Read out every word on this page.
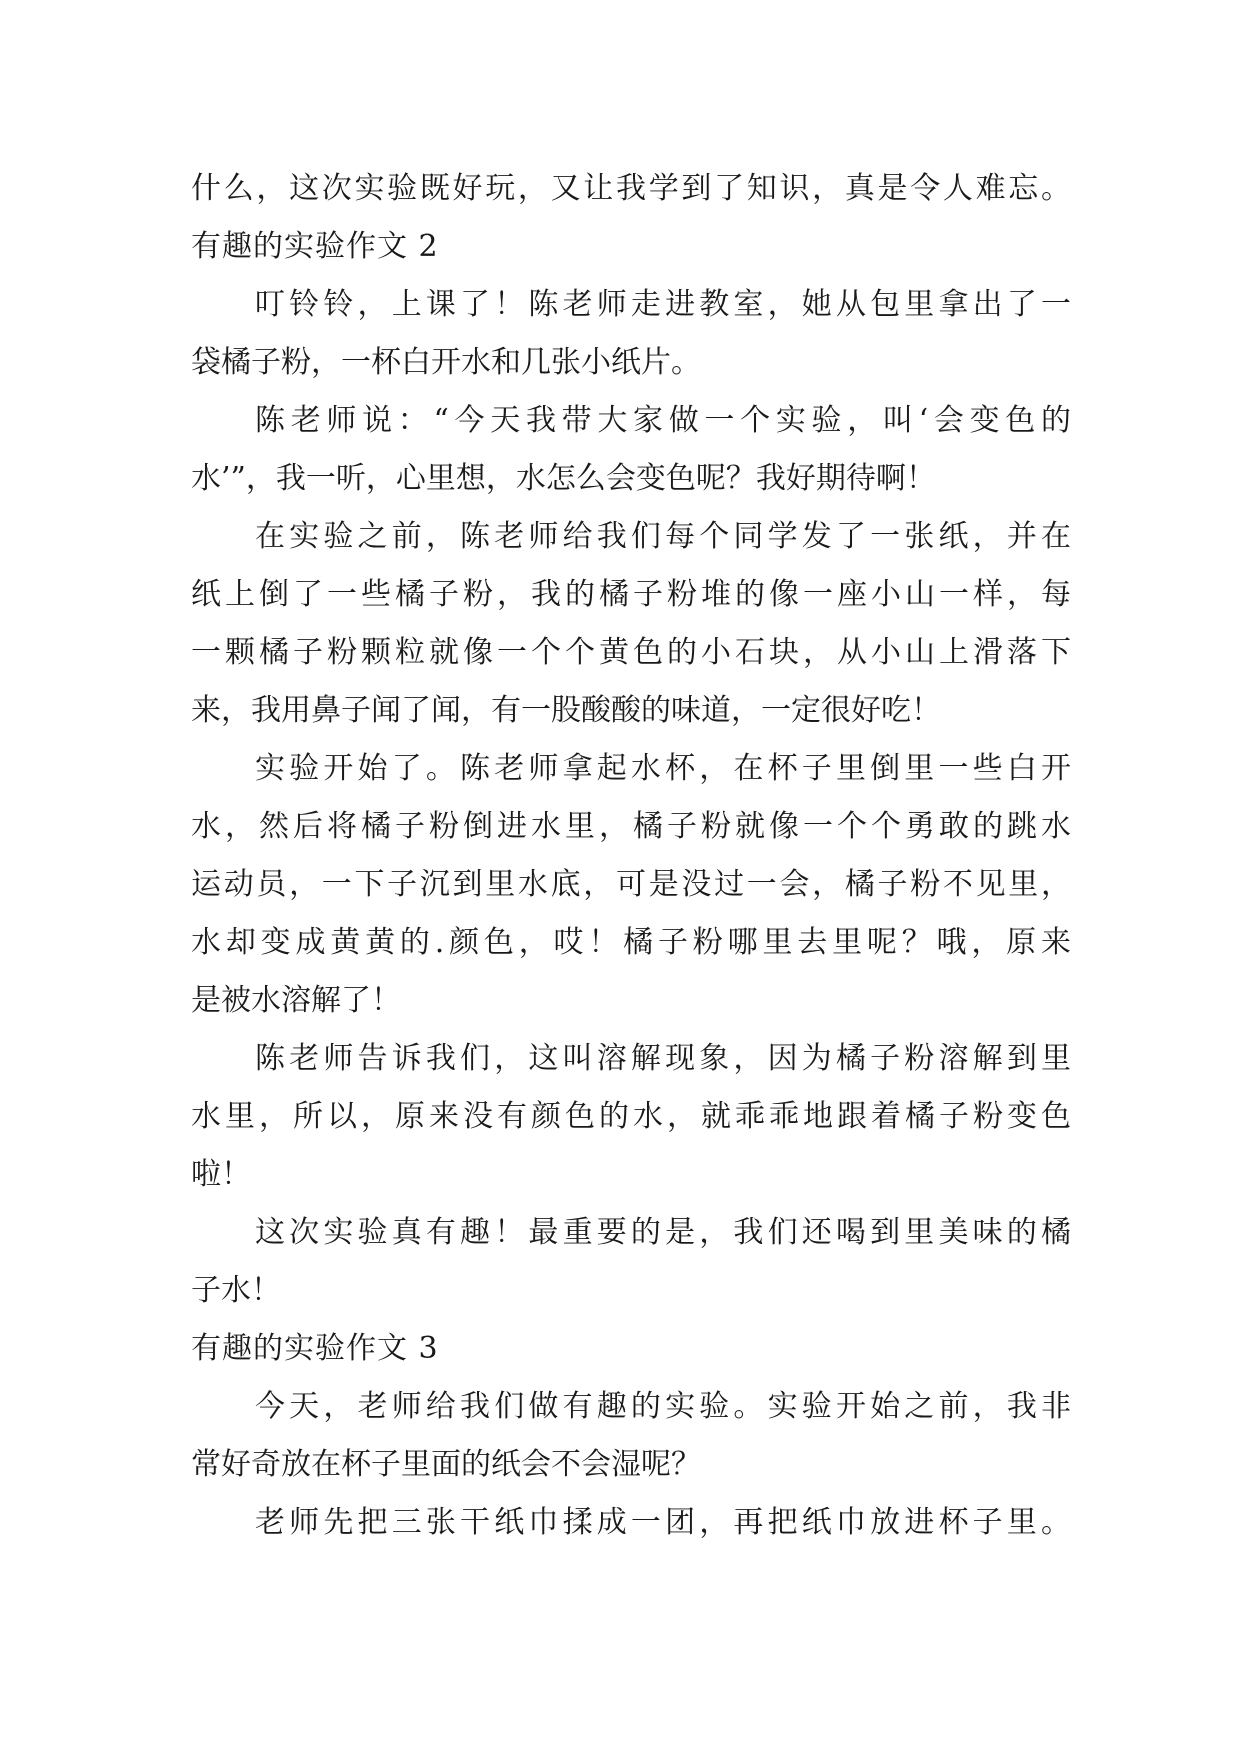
什么，这次实验既好玩，又让我学到了知识，真是令人难忘。
有趣的实验作文 2
叮铃铃，上课了！陈老师走进教室，她从包里拿出了一
袋橘子粉，一杯白开水和几张小纸片。
陈老师说：“今天我带大家做一个实验，叫‘会变色的
水’”，我一听，心里想，水怎么会变色呢？我好期待啊！
在实验之前，陈老师给我们每个同学发了一张纸，并在
纸上倒了一些橘子粉，我的橘子粉堆的像一座小山一样，每
一颗橘子粉颗粒就像一个个黄色的小石块，从小山上滑落下
来，我用鼻子闻了闻，有一股酸酸的味道，一定很好吃！
实验开始了。陈老师拿起水杯，在杯子里倒里一些白开
水，然后将橘子粉倒进水里，橘子粉就像一个个勇敢的跳水
运动员，一下子沉到里水底，可是没过一会，橘子粉不见里，
水却变成黄黄的.颜色，哎！橘子粉哪里去里呢？哦，原来
是被水溶解了！
陈老师告诉我们，这叫溶解现象，因为橘子粉溶解到里
水里，所以，原来没有颜色的水，就乖乖地跟着橘子粉变色
啦！
这次实验真有趣！最重要的是，我们还喝到里美味的橘
子水！
有趣的实验作文 3
今天，老师给我们做有趣的实验。实验开始之前，我非
常好奇放在杯子里面的纸会不会湿呢？
老师先把三张干纸巾揉成一团，再把纸巾放进杯子里。
